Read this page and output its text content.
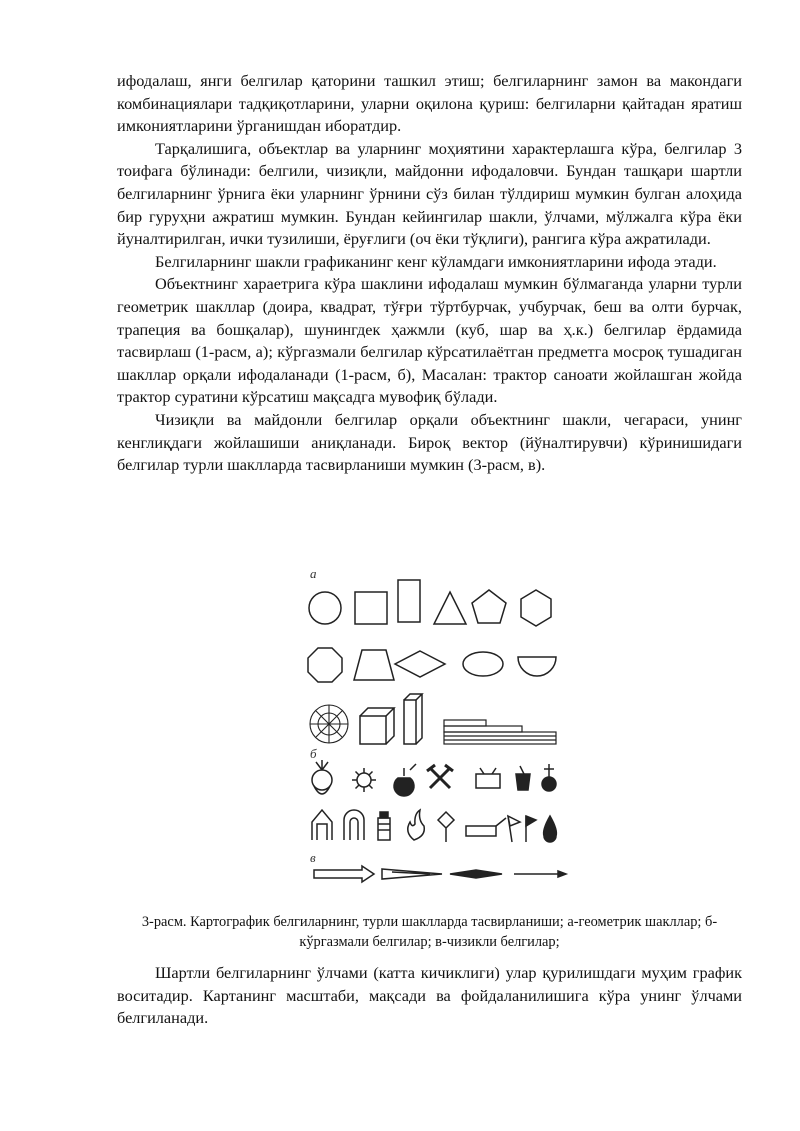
ифодалаш, янги белгилар қаторини ташкил этиш; белгиларнинг замон ва макондаги комбинациялари тадқиқотларини, уларни оқилона қуриш: белгиларни қайтадан яратиш имкониятларини ўрганишдан иборатдир.

Тарқалишига, объектлар ва уларнинг моҳиятини характерлашга кўра, белгилар 3 тоифага бўлинади: белгили, чизиқли, майдонни ифодаловчи. Бундан ташқари шартли белгиларнинг ўрнига ёки уларнинг ўрнини сўз билан тўлдириш мумкин булган алоҳида бир гуруҳни ажратиш мумкин. Бундан кейингилар шакли, ўлчами, мўлжалга кўра ёки йуналтирилган, ички тузилиши, ёруғлиги (оч ёки тўқлиги), рангига кўра ажратилади.

Белгиларнинг шакли графиканинг кенг кўламдаги имкониятларини ифода этади.

Объектнинг хараетрига кўра шаклини ифодалаш мумкин бўлмаганда уларни турли геометрик шакллар (доира, квадрат, тўғри тўртбурчак, учбурчак, беш ва олти бурчак, трапеция ва бошқалар), шунингдек ҳажмли (куб, шар ва ҳ.к.) белгилар ёрдамида тасвирлаш (1-расм, а); кўргазмали белгилар кўрсатилаётган предметга мосроқ тушадиган шакллар орқали ифодаланади (1-расм, б), Масалан: трактор саноати жойлашган жойда трактор суратини кўрсатиш мақсадга мувофиқ бўлади.

Чизиқли ва майдонли белгилар орқали объектнинг шакли, чегараси, унинг кенглиқдаги жойлашиши аниқланади. Бироқ вектор (йўналтирувчи) кўринишидаги белгилар турли шаклларда тасвирланиши мумкин (3-расм, в).

а
б
в

3-расм. Картографик белгиларнинг, турли шаклларда тасвирланиши; а-геометрик шакллар; б-кўргазмали белгилар; в-чизикли белгилар;

Шартли белгиларнинг ўлчами (катта кичиклиги) улар қурилишдаги муҳим график воситадир. Картанинг масштаби, мақсади ва фойдаланилишига кўра унинг ўлчами белгиланади.
